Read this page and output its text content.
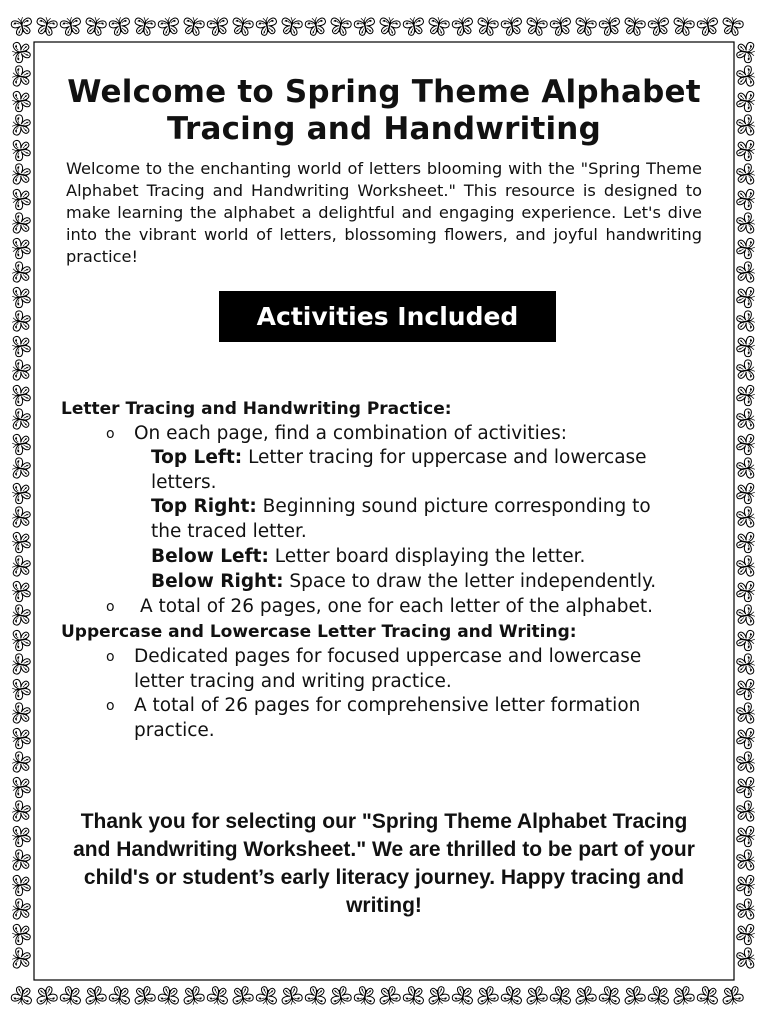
Welcome to Spring Theme Alphabet
Tracing and Handwriting
Welcome to the enchanting world of letters blooming with the "Spring Theme Alphabet Tracing and Handwriting Worksheet." This resource is designed to make learning the alphabet a delightful and engaging experience. Let's dive into the vibrant world of letters, blossoming flowers, and joyful handwriting practice!
Activities Included
Letter Tracing and Handwriting Practice:
o On each page, find a combination of activities:
Top Left: Letter tracing for uppercase and lowercase
letters.
Top Right: Beginning sound picture corresponding to
the traced letter.
Below Left: Letter board displaying the letter.
Below Right: Space to draw the letter independently.
o A total of 26 pages, one for each letter of the alphabet.
Uppercase and Lowercase Letter Tracing and Writing:
o Dedicated pages for focused uppercase and lowercase
letter tracing and writing practice.
o A total of 26 pages for comprehensive letter formation
practice.
Thank you for selecting our "Spring Theme Alphabet Tracing
and Handwriting Worksheet." We are thrilled to be part of your
child's or student’s early literacy journey. Happy tracing and
writing!
